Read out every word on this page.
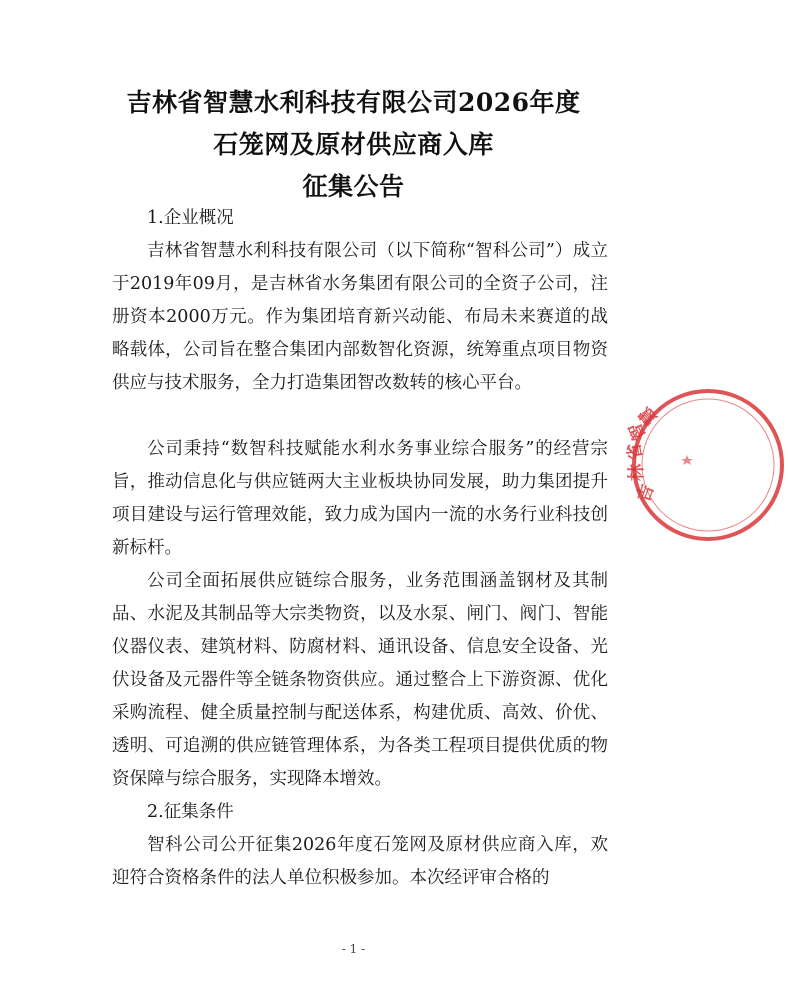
吉林省智慧水利科技有限公司2026年度
石笼网及原材供应商入库
征集公告
1.企业概况
吉林省智慧水利科技有限公司（以下简称“智科公司”）成立于2019年09月，是吉林省水务集团有限公司的全资子公司，注册资本2000万元。作为集团培育新兴动能、布局未来赛道的战略载体，公司旨在整合集团内部数智化资源，统筹重点项目物资供应与技术服务，全力打造集团智改数转的核心平台。
公司秉持“数智科技赋能水利水务事业综合服务”的经营宗旨，推动信息化与供应链两大主业板块协同发展，助力集团提升项目建设与运行管理效能，致力成为国内一流的水务行业科技创新标杆。
公司全面拓展供应链综合服务，业务范围涵盖钢材及其制品、水泥及其制品等大宗类物资，以及水泵、闸门、阀门、智能仪器仪表、建筑材料、防腐材料、通讯设备、信息安全设备、光伏设备及元器件等全链条物资供应。通过整合上下游资源、优化采购流程、健全质量控制与配送体系，构建优质、高效、价优、透明、可追溯的供应链管理体系，为各类工程项目提供优质的物资保障与综合服务，实现降本增效。
2.征集条件
智科公司公开征集2026年度石笼网及原材供应商入库，欢迎符合资格条件的法人单位积极参加。本次经评审合格的
- 1 -
吉
林
省
智
慧
